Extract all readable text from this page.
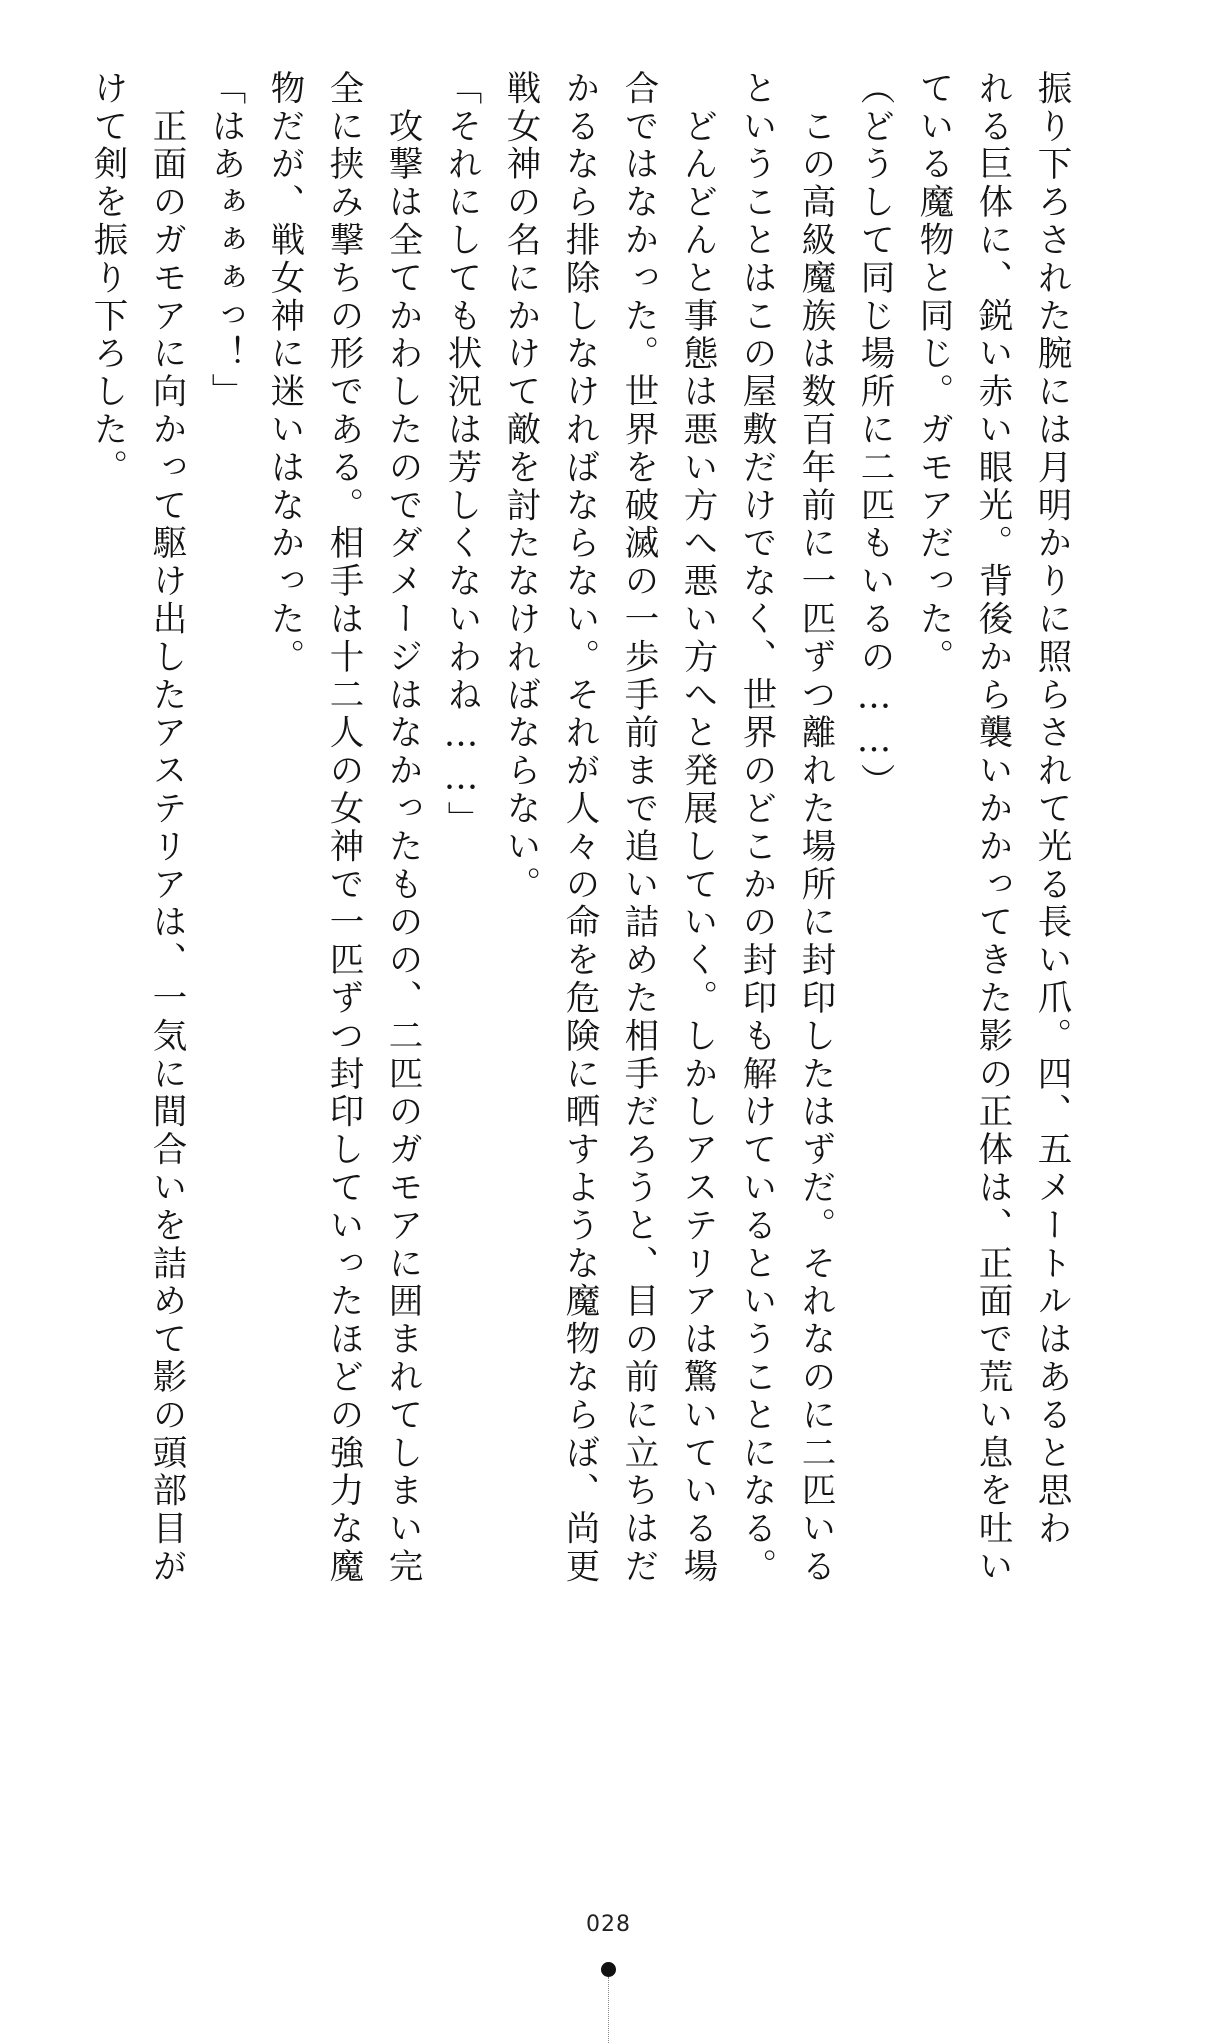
振り下ろされた腕には月明かりに照らされて光る長い爪。四、五メートルはあると思わ
れる巨体に、鋭い赤い眼光。背後から襲いかかってきた影の正体は、正面で荒い息を吐い
ている魔物と同じ。ガモアだった。
（どうして同じ場所に二匹もいるの……）
　この高級魔族は数百年前に一匹ずつ離れた場所に封印したはずだ。それなのに二匹いる
ということはこの屋敷だけでなく、世界のどこかの封印も解けているということになる。
　どんどんと事態は悪い方へ悪い方へと発展していく。しかしアステリアは驚いている場
合ではなかった。世界を破滅の一歩手前まで追い詰めた相手だろうと、目の前に立ちはだ
かるなら排除しなければならない。それが人々の命を危険に晒すような魔物ならば、尚更
戦女神の名にかけて敵を討たなければならない。
「それにしても状況は芳しくないわね……」
　攻撃は全てかわしたのでダメージはなかったものの、二匹のガモアに囲まれてしまい完
全に挟み撃ちの形である。相手は十二人の女神で一匹ずつ封印していったほどの強力な魔
物だが、戦女神に迷いはなかった。
「はあぁぁぁっ！」
　正面のガモアに向かって駆け出したアステリアは、一気に間合いを詰めて影の頭部目が
けて剣を振り下ろした。
028
